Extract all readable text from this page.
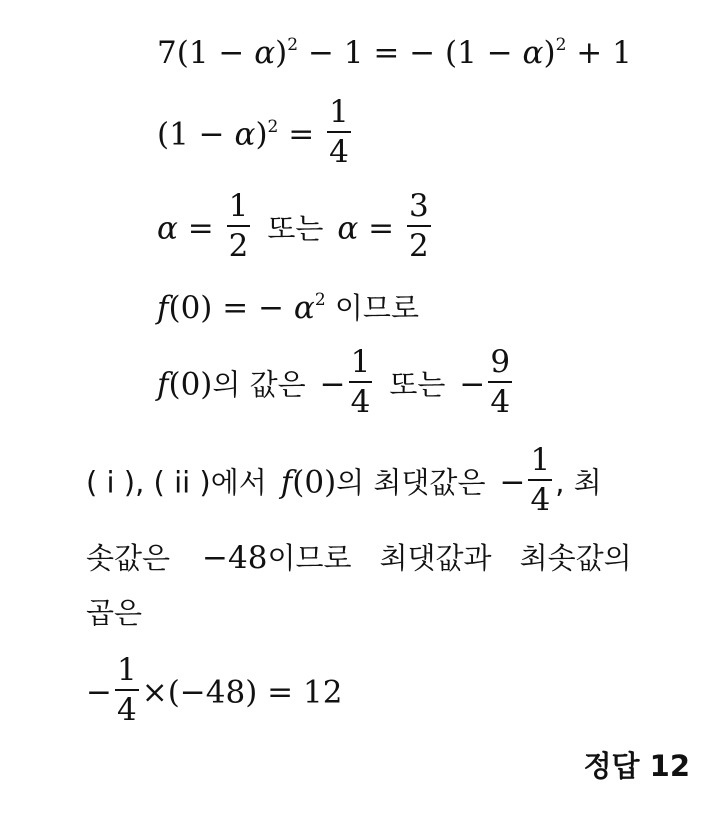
$7(1 - \alpha)^2 - 1$ = − $(1 - \alpha)^2 + 1$
$(1 - \alpha)^2 = \frac{1}{4}$
$\alpha = \frac{1}{2}$ 또는 $\alpha = \frac{3}{2}$
f(0) = − $\alpha^2$ 이므로
f(0)의 값은 − $\frac{1}{4}$ 또는 − $\frac{9}{4}$
( i ), ( ii )에서 f(0)의 최댓값은 − $\frac{1}{4}$ , 최
솟값은 −48이므로 최댓값과 최솟값의
곱은
− $\frac{1}{4} \times(-48) = 12$
정답 12
